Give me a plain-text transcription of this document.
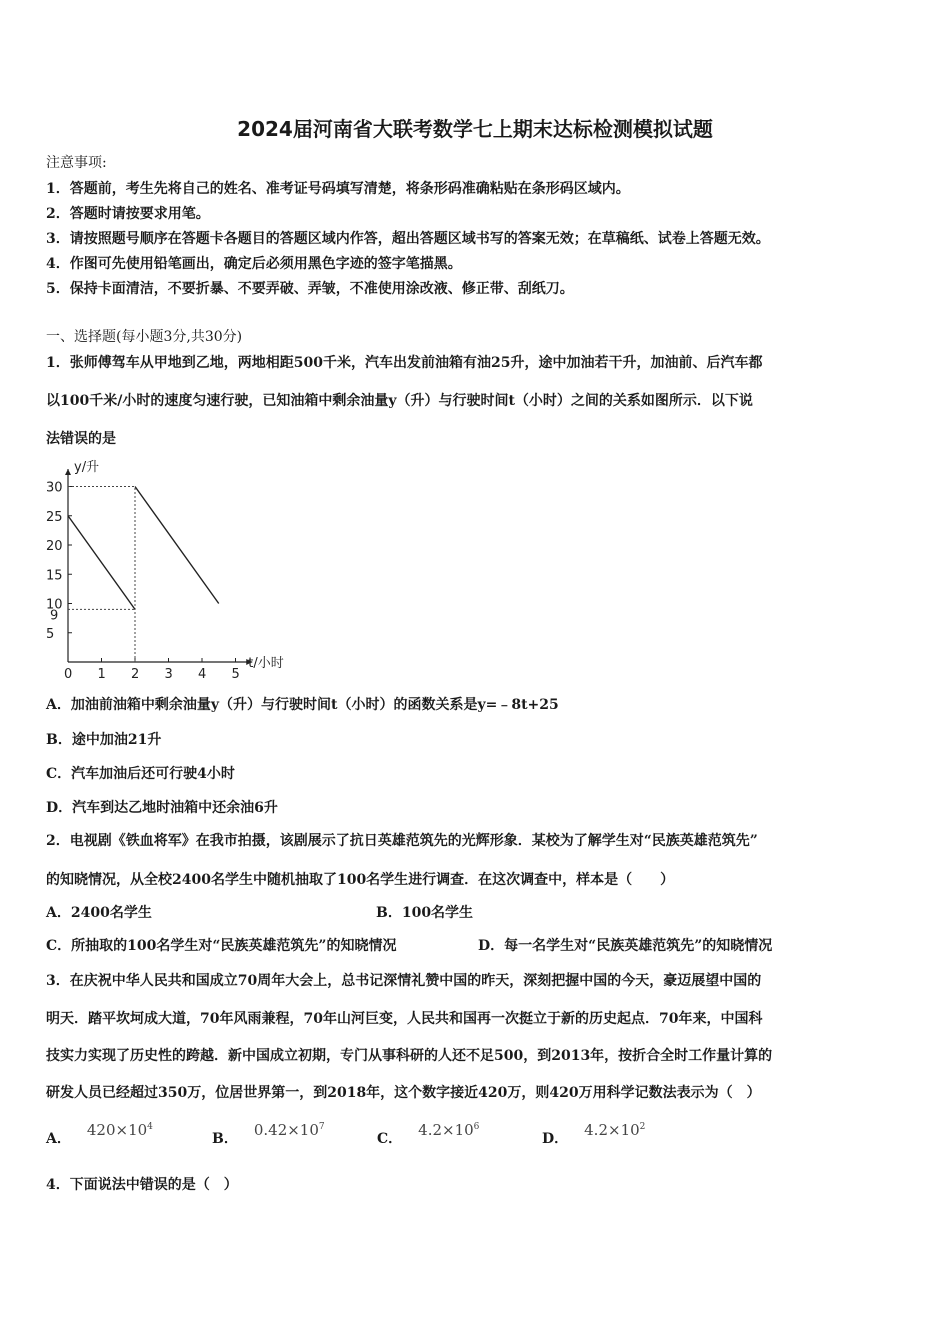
2024届河南省大联考数学七上期末达标检测模拟试题
注意事项:
1．答题前，考生先将自己的姓名、准考证号码填写清楚，将条形码准确粘贴在条形码区域内。
2．答题时请按要求用笔。
3．请按照题号顺序在答题卡各题目的答题区域内作答，超出答题区域书写的答案无效；在草稿纸、试卷上答题无效。
4．作图可先使用铅笔画出，确定后必须用黑色字迹的签字笔描黑。
5．保持卡面清洁，不要折暴、不要弄破、弄皱，不准使用涂改液、修正带、刮纸刀。
一、选择题(每小题3分,共30分)
1．张师傅驾车从甲地到乙地，两地相距500千米，汽车出发前油箱有油25升，途中加油若干升，加油前、后汽车都
以100千米/小时的速度匀速行驶，已知油箱中剩余油量y（升）与行驶时间t（小时）之间的关系如图所示．以下说
法错误的是
t/小时
y/升
0 1 2 3 4 5
5
10
15
20
25
30
9
A．加油前油箱中剩余油量y（升）与行驶时间t（小时）的函数关系是y=﹣8t+25
B．途中加油21升
C．汽车加油后还可行驶4小时
D．汽车到达乙地时油箱中还余油6升
2．电视剧《铁血将军》在我市拍摄，该剧展示了抗日英雄范筑先的光辉形象．某校为了解学生对“民族英雄范筑先”
的知晓情况，从全校2400名学生中随机抽取了100名学生进行调查．在这次调查中，样本是（　　）
A．2400名学生	B．100名学生
C．所抽取的100名学生对“民族英雄范筑先”的知晓情况	D．每一名学生对“民族英雄范筑先”的知晓情况
3．在庆祝中华人民共和国成立70周年大会上，总书记深情礼赞中国的昨天，深刻把握中国的今天，豪迈展望中国的
明天．踏平坎坷成大道，70年风雨兼程，70年山河巨变，人民共和国再一次挺立于新的历史起点．70年来，中国科
技实力实现了历史性的跨越．新中国成立初期，专门从事科研的人还不足500，到2013年，按折合全时工作量计算的
研发人员已经超过350万，位居世界第一，到2018年，这个数字接近420万，则420万用科学记数法表示为（　）
A． $420\times 10^4$
B． $0.42\times 10^7$
C． $4.2\times 10^6$
D． $4.2\times 10^2$
4．下面说法中错误的是（　）
